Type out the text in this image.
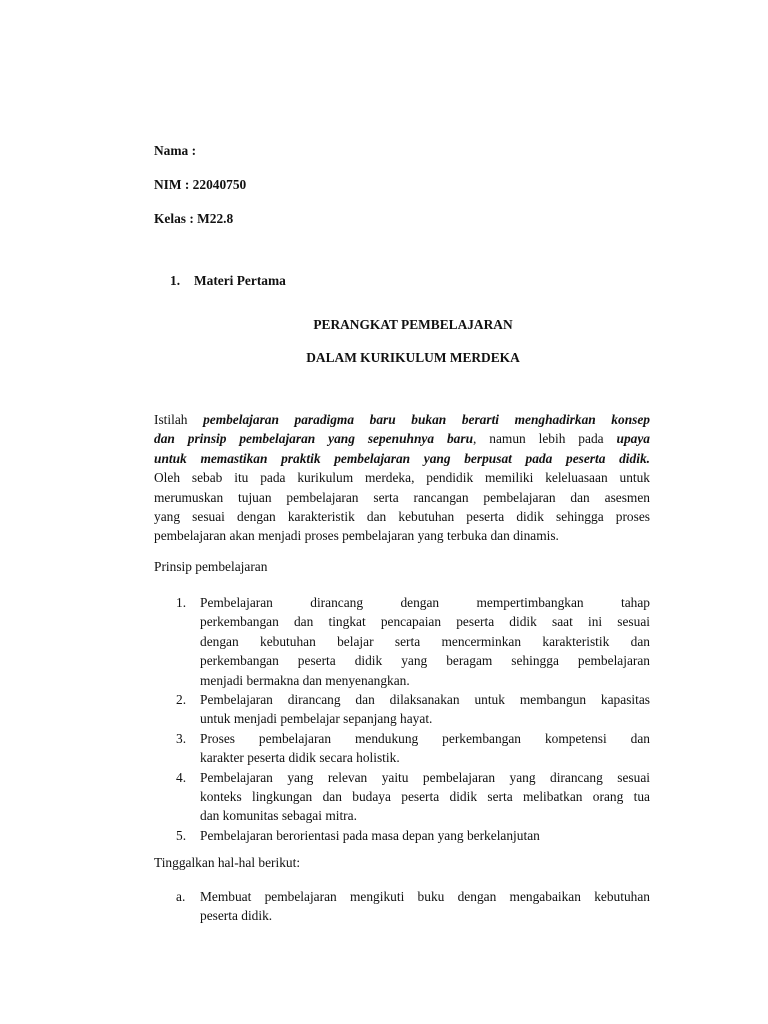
Nama :
NIM : 22040750
Kelas : M22.8
1. Materi Pertama
PERANGKAT PEMBELAJARAN
DALAM KURIKULUM MERDEKA
Istilah pembelajaran paradigma baru bukan berarti menghadirkan konsep
dan prinsip pembelajaran yang sepenuhnya baru, namun lebih pada upaya
untuk memastikan praktik pembelajaran yang berpusat pada peserta didik.
Oleh sebab itu pada kurikulum merdeka, pendidik memiliki keleluasaan untuk
merumuskan tujuan pembelajaran serta rancangan pembelajaran dan asesmen
yang sesuai dengan karakteristik dan kebutuhan peserta didik sehingga proses
pembelajaran akan menjadi proses pembelajaran yang terbuka dan dinamis.
Prinsip pembelajaran
1. Pembelajaran dirancang dengan mempertimbangkan tahap
perkembangan dan tingkat pencapaian peserta didik saat ini sesuai
dengan kebutuhan belajar serta mencerminkan karakteristik dan
perkembangan peserta didik yang beragam sehingga pembelajaran
menjadi bermakna dan menyenangkan.
2. Pembelajaran dirancang dan dilaksanakan untuk membangun kapasitas
untuk menjadi pembelajar sepanjang hayat.
3. Proses pembelajaran mendukung perkembangan kompetensi dan
karakter peserta didik secara holistik.
4. Pembelajaran yang relevan yaitu pembelajaran yang dirancang sesuai
konteks lingkungan dan budaya peserta didik serta melibatkan orang tua
dan komunitas sebagai mitra.
5. Pembelajaran berorientasi pada masa depan yang berkelanjutan
Tinggalkan hal-hal berikut:
a. Membuat pembelajaran mengikuti buku dengan mengabaikan kebutuhan
peserta didik.
